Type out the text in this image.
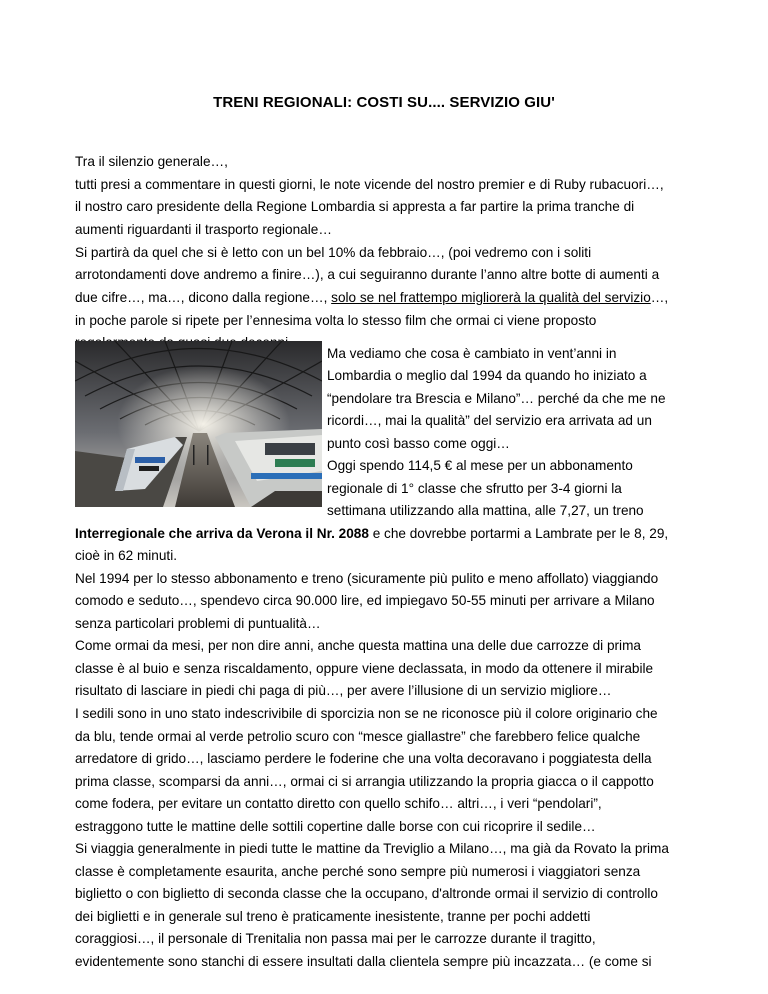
TRENI REGIONALI: COSTI SU.... SERVIZIO GIU'
Tra il silenzio generale…,
tutti presi a commentare in questi giorni, le note vicende del nostro premier e di Ruby rubacuori…,
il nostro caro presidente della Regione Lombardia si appresta a far partire la prima tranche di
aumenti riguardanti il trasporto regionale…
Si partirà da quel che si è letto con un bel 10% da febbraio…, (poi vedremo con i soliti
arrotondamenti dove andremo a finire…), a cui seguiranno durante l’anno altre botte di aumenti a
due cifre…, ma…, dicono dalla regione…, solo se nel frattempo migliorerà la qualità del servizio…,
in poche parole si ripete per l’ennesima volta lo stesso film che ormai ci viene proposto
Ma vediamo che cosa è cambiato in vent’anni in
Lombardia o meglio dal 1994 da quando ho iniziato a
“pendolare tra Brescia e Milano”… perché da che me ne
ricordi…, mai la qualità” del servizio era arrivata ad un
punto così basso come oggi…
Oggi spendo 114,5 € al mese per un abbonamento
regionale di 1° classe che sfrutto per 3-4 giorni la
settimana utilizzando alla mattina, alle 7,27, un treno
Interregionale che arriva da Verona il Nr. 2088 e che dovrebbe portarmi a Lambrate per le 8, 29,
cioè in 62 minuti.
Nel 1994 per lo stesso abbonamento e treno (sicuramente più pulito e meno affollato) viaggiando
comodo e seduto…, spendevo circa 90.000 lire, ed impiegavo 50-55 minuti per arrivare a Milano
senza particolari problemi di puntualità…
Come ormai da mesi, per non dire anni, anche questa mattina una delle due carrozze di prima
classe è al buio e senza riscaldamento, oppure viene declassata, in modo da ottenere il mirabile
risultato di lasciare in piedi chi paga di più…, per avere l’illusione di un servizio migliore…
I sedili sono in uno stato indescrivibile di sporcizia non se ne riconosce più il colore originario che
da blu, tende ormai al verde petrolio scuro con “mesce giallastre” che farebbero felice qualche
arredatore di grido…, lasciamo perdere le foderine che una volta decoravano i poggiatesta della
prima classe, scomparsi da anni…, ormai ci si arrangia utilizzando la propria giacca o il cappotto
come fodera, per evitare un contatto diretto con quello schifo… altri…, i veri “pendolari”,
estraggono tutte le mattine delle sottili copertine dalle borse con cui ricoprire il sedile…
Si viaggia generalmente in piedi tutte le mattine da Treviglio a Milano…, ma già da Rovato la prima
classe è completamente esaurita, anche perché sono sempre più numerosi i viaggiatori senza
biglietto o con biglietto di seconda classe che la occupano, d'altronde ormai il servizio di controllo
dei biglietti e in generale sul treno è praticamente inesistente, tranne per pochi addetti
coraggiosi…, il personale di Trenitalia non passa mai per le carrozze durante il tragitto,
evidentemente sono stanchi di essere insultati dalla clientela sempre più incazzata… (e come si
